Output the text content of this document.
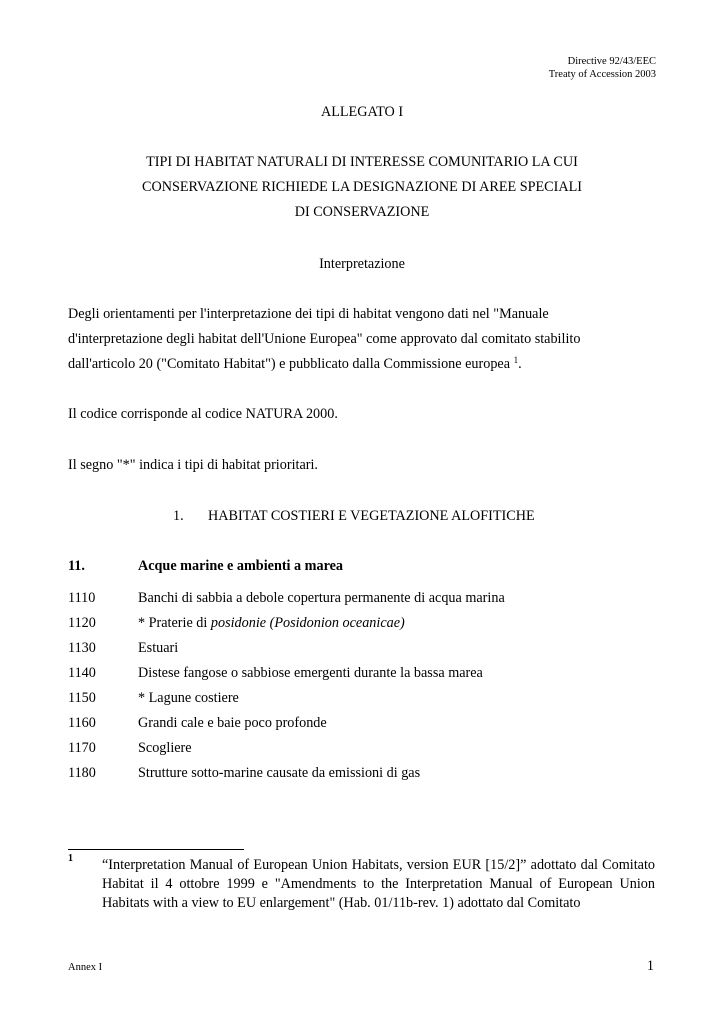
Directive 92/43/EEC
Treaty of Accession 2003
ALLEGATO I
TIPI DI HABITAT NATURALI DI INTERESSE COMUNITARIO LA CUI
CONSERVAZIONE RICHIEDE LA DESIGNAZIONE DI AREE SPECIALI
DI CONSERVAZIONE
Interpretazione
Degli orientamenti per l'interpretazione dei tipi di habitat vengono dati nel "Manuale
d'interpretazione degli habitat dell'Unione Europea" come approvato dal comitato stabilito
dall'articolo 20 ("Comitato Habitat") e pubblicato dalla Commissione europea $^1$.
Il codice corrisponde al codice NATURA 2000.
Il segno "*" indica i tipi di habitat prioritari.
1. HABITAT COSTIERI E VEGETAZIONE ALOFITICHE
11.	Acque marine e ambienti a marea
1110	Banchi di sabbia a debole copertura permanente di acqua marina
1120	* Praterie di posidonie (Posidonion oceanicae)
1130	Estuari
1140	Distese fangose o sabbiose emergenti durante la bassa marea
1150	* Lagune costiere
1160	Grandi cale e baie poco profonde
1170	Scogliere
1180	Strutture sotto-marine causate da emissioni di gas
1 “Interpretation Manual of European Union Habitats, version EUR [15/2]” adottato dal Comitato Habitat il 4 ottobre 1999 e "Amendments to the Interpretation Manual of European Union Habitats with a view to EU enlargement" (Hab. 01/11b-rev. 1) adottato dal Comitato
Annex I	1
